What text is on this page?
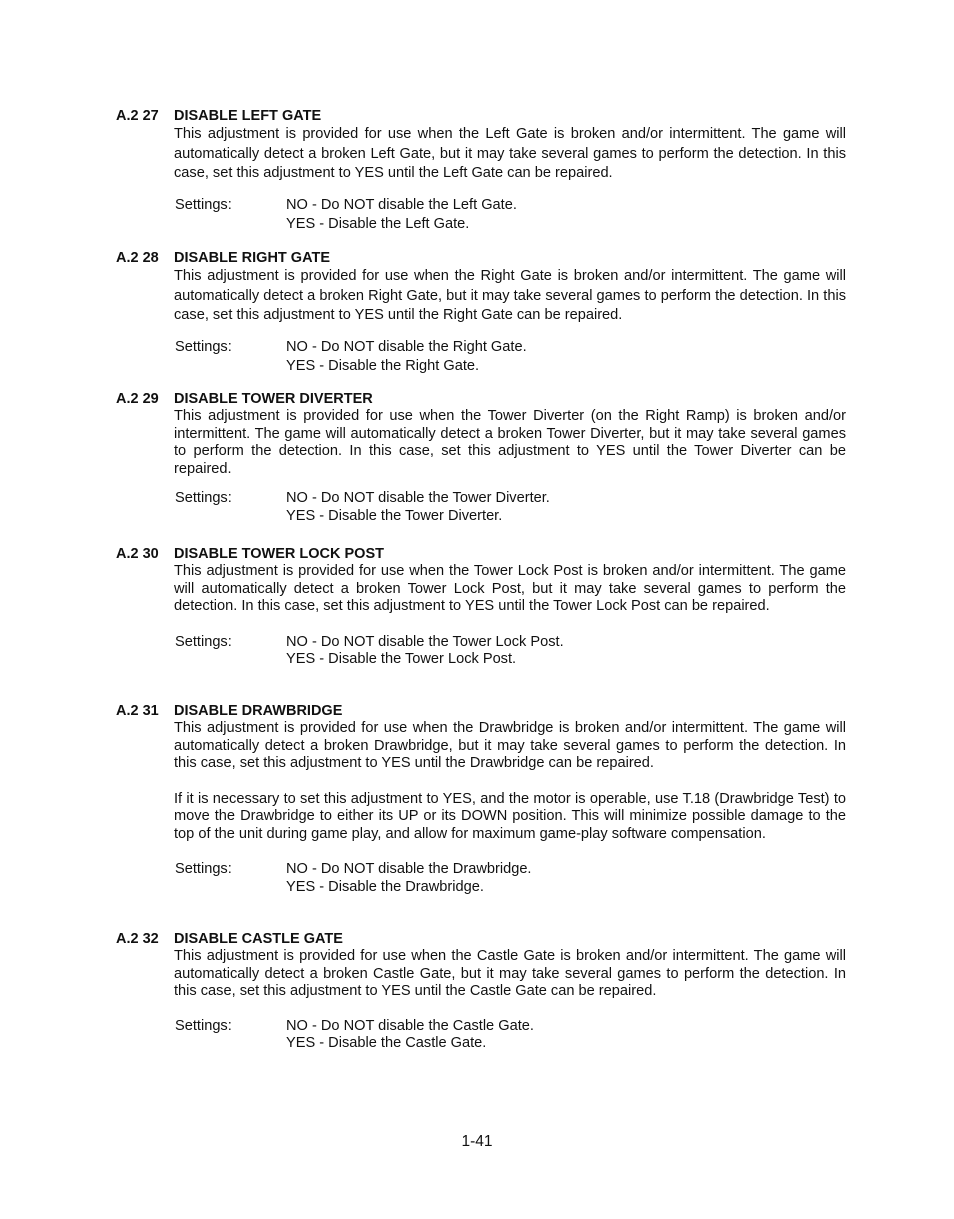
A.2 27 DISABLE LEFT GATE
This adjustment is provided for use when the Left Gate is broken and/or intermittent. The game will automatically detect a broken Left Gate, but it may take several games to perform the detection. In this case, set this adjustment to YES until the Left Gate can be repaired.
Settings:	NO - Do NOT disable the Left Gate.
YES - Disable the Left Gate.
A.2 28 DISABLE RIGHT GATE
This adjustment is provided for use when the Right Gate is broken and/or intermittent. The game will automatically detect a broken Right Gate, but it may take several games to perform the detection. In this case, set this adjustment to YES until the Right Gate can be repaired.
Settings:	NO - Do NOT disable the Right Gate.
YES - Disable the Right Gate.
A.2 29 DISABLE TOWER DIVERTER
This adjustment is provided for use when the Tower Diverter (on the Right Ramp) is broken and/or intermittent. The game will automatically detect a broken Tower Diverter, but it may take several games to perform the detection. In this case, set this adjustment to YES until the Tower Diverter can be repaired.
Settings:	NO - Do NOT disable the Tower Diverter.
YES - Disable the Tower Diverter.
A.2 30 DISABLE TOWER LOCK POST
This adjustment is provided for use when the Tower Lock Post is broken and/or intermittent. The game will automatically detect a broken Tower Lock Post, but it may take several games to perform the detection. In this case, set this adjustment to YES until the Tower Lock Post can be repaired.
Settings:	NO - Do NOT disable the Tower Lock Post.
YES - Disable the Tower Lock Post.
A.2 31 DISABLE DRAWBRIDGE
This adjustment is provided for use when the Drawbridge is broken and/or intermittent. The game will automatically detect a broken Drawbridge, but it may take several games to perform the detection. In this case, set this adjustment to YES until the Drawbridge can be repaired.
If it is necessary to set this adjustment to YES, and the motor is operable, use T.18 (Drawbridge Test) to move the Drawbridge to either its UP or its DOWN position. This will minimize possible damage to the top of the unit during game play, and allow for maximum game-play software compensation.
Settings:	NO - Do NOT disable the Drawbridge.
YES - Disable the Drawbridge.
A.2 32 DISABLE CASTLE GATE
This adjustment is provided for use when the Castle Gate is broken and/or intermittent. The game will automatically detect a broken Castle Gate, but it may take several games to perform the detection. In this case, set this adjustment to YES until the Castle Gate can be repaired.
Settings:	NO - Do NOT disable the Castle Gate.
YES - Disable the Castle Gate.
1-41
